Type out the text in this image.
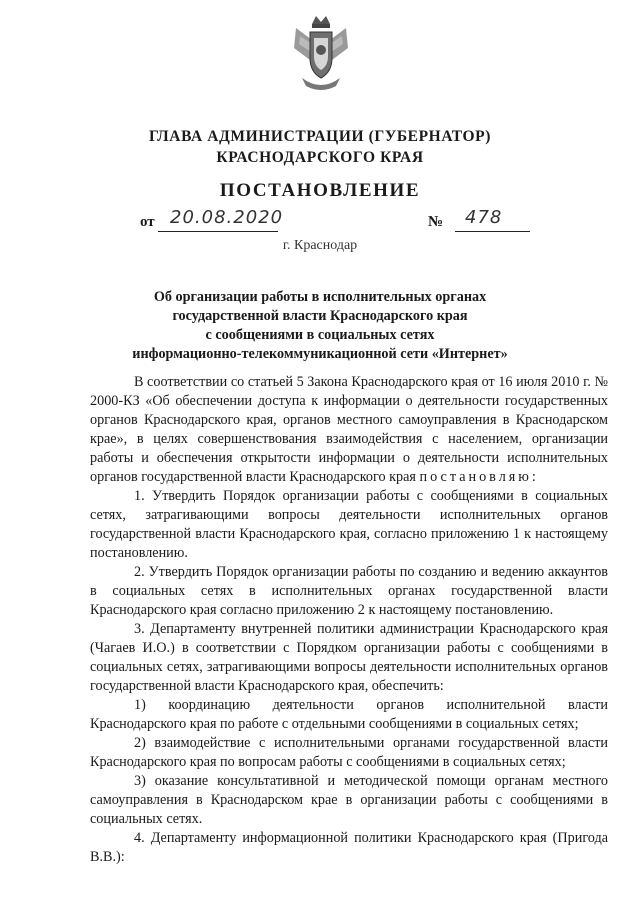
ГЛАВА АДМИНИСТРАЦИИ (ГУБЕРНАТОР)
КРАСНОДАРСКОГО КРАЯ
ПОСТАНОВЛЕНИЕ
от 20.08.2020	№ 478
г. Краснодар
Об организации работы в исполнительных органах
государственной власти Краснодарского края
с сообщениями в социальных сетях
информационно-телекоммуникационной сети «Интернет»

В соответствии со статьей 5 Закона Краснодарского края от 16 июля 2010 г. № 2000-КЗ «Об обеспечении доступа к информации о деятельности государственных органов Краснодарского края, органов местного самоуправления в Краснодарском крае», в целях совершенствования взаимодействия с населением, организации работы и обеспечения открытости информации о деятельности исполнительных органов государственной власти Краснодарского края постановляю:

1. Утвердить Порядок организации работы с сообщениями в социальных сетях, затрагивающими вопросы деятельности исполнительных органов государственной власти Краснодарского края, согласно приложению 1 к настоящему постановлению.

2. Утвердить Порядок организации работы по созданию и ведению аккаунтов в социальных сетях в исполнительных органах государственной власти Краснодарского края согласно приложению 2 к настоящему постановлению.

3. Департаменту внутренней политики администрации Краснодарского края (Чагаев И.О.) в соответствии с Порядком организации работы с сообщениями в социальных сетях, затрагивающими вопросы деятельности исполнительных органов государственной власти Краснодарского края, обеспечить:

1) координацию деятельности органов исполнительной власти Краснодарского края по работе с отдельными сообщениями в социальных сетях;

2) взаимодействие с исполнительными органами государственной власти Краснодарского края по вопросам работы с сообщениями в социальных сетях;

3) оказание консультативной и методической помощи органам местного самоуправления в Краснодарском крае в организации работы с сообщениями в социальных сетях.

4. Департаменту информационной политики Краснодарского края (Пригода В.В.):
